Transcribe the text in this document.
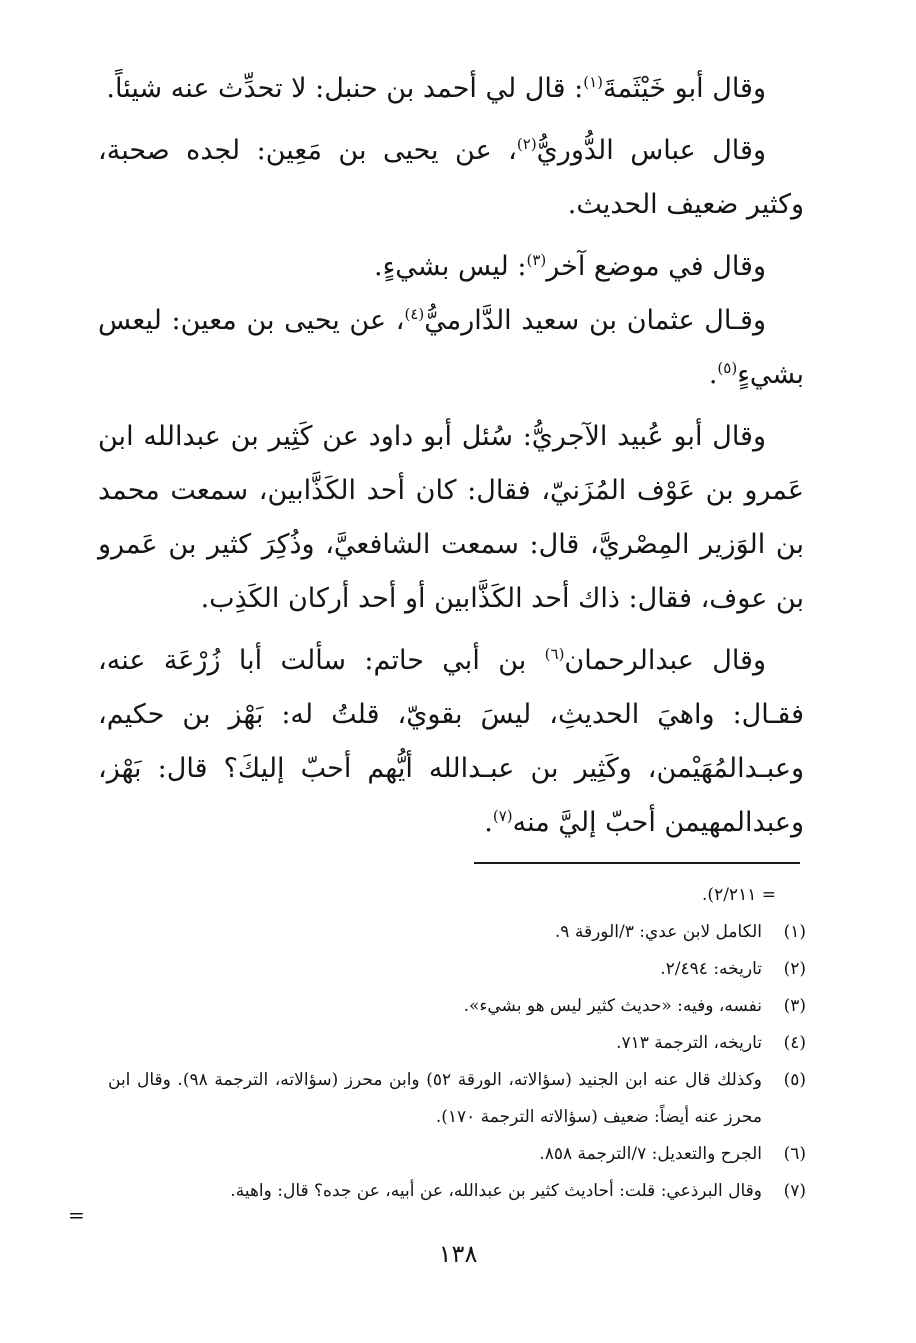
وقال أبو خَيْثَمةَ$^{(١)}$: قال لي أحمد بن حنبل: لا تحدِّث عنه شيئاً.

وقال عباس الدُّوريُّ$^{(٢)}$، عن يحيى بن مَعِين: لجده صحبة، وكثير ضعيف الحديث.

وقال في موضع آخر$^{(٣)}$: ليس بشيءٍ.

وقـال عثمان بن سعيد الدَّارميُّ$^{(٤)}$، عن يحيى بن معين: ليعس بشيءٍ$^{(٥)}$.

وقال أبو عُبيد الآجريُّ: سُئل أبو داود عن كَثِير بن عبدالله ابن عَمرو بن عَوْف المُزَنيّ، فقال: كان أحد الكَذَّابين، سمعت محمد بن الوَزير المِصْريَّ، قال: سمعت الشافعيَّ، وذُكِرَ كثير بن عَمرو بن عوف، فقال: ذاك أحد الكَذَّابين أو أحد أركان الكَذِب.

وقال عبدالرحمان$^{(٦)}$ بن أبي حاتم: سألت أبا زُرْعَة عنه، فقـال: واهيَ الحديثِ، ليسَ بقويّ، قلتُ له: بَهْز بن حكيم، وعبـدالمُهَيْمن، وكَثِير بن عبـدالله أيُّهم أحبّ إليكَ؟ قال: بَهْز، وعبدالمهيمن أحبّ إليَّ منه$^{(٧)}$.

= ٢/٢١١).
(١)
الكامل لابن عدي: ٣/الورقة ٩.
(٢)
تاريخه: ٢/٤٩٤.
(٣)
نفسه، وفيه: «حديث كثير ليس هو بشيء».
(٤)
تاريخه، الترجمة ٧١٣.
(٥)
وكذلك قال عنه ابن الجنيد (سؤالاته، الورقة ٥٢) وابن محرز (سؤالاته، الترجمة ٩٨). وقال ابن محرز عنه أيضاً: ضعيف (سؤالاته الترجمة ١٧٠).
(٦)
الجرح والتعديل: ٧/الترجمة ٨٥٨.
(٧)
وقال البرذعي: قلت: أحاديث كثير بن عبدالله، عن أبيه، عن جده؟ قال: واهية.
=
١٣٨
